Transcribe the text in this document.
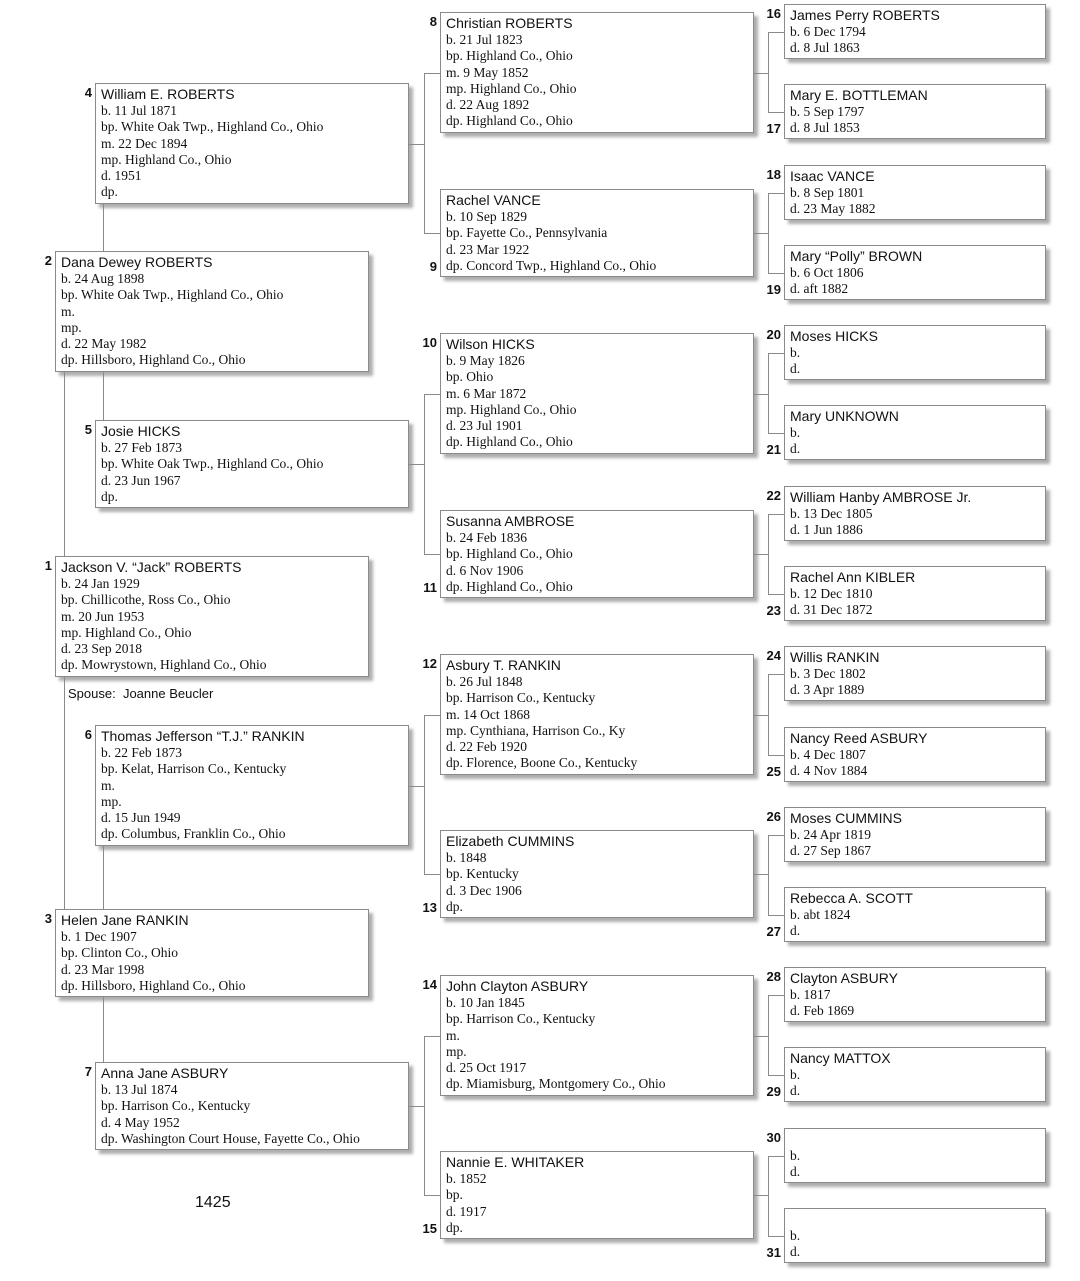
Spouse: Joanne Beucler
1425
Jackson V. “Jack” ROBERTS
b. 24 Jan 1929
bp. Chillicothe, Ross Co., Ohio
m. 20 Jun 1953
mp. Highland Co., Ohio
d. 23 Sep 2018
dp. Mowrystown, Highland Co., Ohio
1
Dana Dewey ROBERTS
b. 24 Aug 1898
bp. White Oak Twp., Highland Co., Ohio
m.
mp.
d. 22 May 1982
dp. Hillsboro, Highland Co., Ohio
2
Helen Jane RANKIN
b. 1 Dec 1907
bp. Clinton Co., Ohio
d. 23 Mar 1998
dp. Hillsboro, Highland Co., Ohio
3
William E. ROBERTS
b. 11 Jul 1871
bp. White Oak Twp., Highland Co., Ohio
m. 22 Dec 1894
mp. Highland Co., Ohio
d. 1951
dp.
4
Josie HICKS
b. 27 Feb 1873
bp. White Oak Twp., Highland Co., Ohio
d. 23 Jun 1967
dp.
5
Thomas Jefferson “T.J.” RANKIN
b. 22 Feb 1873
bp. Kelat, Harrison Co., Kentucky
m.
mp.
d. 15 Jun 1949
dp. Columbus, Franklin Co., Ohio
6
Anna Jane ASBURY
b. 13 Jul 1874
bp. Harrison Co., Kentucky
d. 4 May 1952
dp. Washington Court House, Fayette Co., Ohio
7
Christian ROBERTS
b. 21 Jul 1823
bp. Highland Co., Ohio
m. 9 May 1852
mp. Highland Co., Ohio
d. 22 Aug 1892
dp. Highland Co., Ohio
8
Rachel VANCE
b. 10 Sep 1829
bp. Fayette Co., Pennsylvania
d. 23 Mar 1922
dp. Concord Twp., Highland Co., Ohio
9
Wilson HICKS
b. 9 May 1826
bp. Ohio
m. 6 Mar 1872
mp. Highland Co., Ohio
d. 23 Jul 1901
dp. Highland Co., Ohio
10
Susanna AMBROSE
b. 24 Feb 1836
bp. Highland Co., Ohio
d. 6 Nov 1906
dp. Highland Co., Ohio
11
Asbury T. RANKIN
b. 26 Jul 1848
bp. Harrison Co., Kentucky
m. 14 Oct 1868
mp. Cynthiana, Harrison Co., Ky
d. 22 Feb 1920
dp. Florence, Boone Co., Kentucky
12
Elizabeth CUMMINS
b. 1848
bp. Kentucky
d. 3 Dec 1906
dp.
13
John Clayton ASBURY
b. 10 Jan 1845
bp. Harrison Co., Kentucky
m.
mp.
d. 25 Oct 1917
dp. Miamisburg, Montgomery Co., Ohio
14
Nannie E. WHITAKER
b. 1852
bp.
d. 1917
dp.
15
James Perry ROBERTS
b. 6 Dec 1794
d. 8 Jul 1863
16
Mary E. BOTTLEMAN
b. 5 Sep 1797
d. 8 Jul 1853
17
Isaac VANCE
b. 8 Sep 1801
d. 23 May 1882
18
Mary “Polly” BROWN
b. 6 Oct 1806
d. aft 1882
19
Moses HICKS
b.
d.
20
Mary UNKNOWN
b.
d.
21
William Hanby AMBROSE Jr.
b. 13 Dec 1805
d. 1 Jun 1886
22
Rachel Ann KIBLER
b. 12 Dec 1810
d. 31 Dec 1872
23
Willis RANKIN
b. 3 Dec 1802
d. 3 Apr 1889
24
Nancy Reed ASBURY
b. 4 Dec 1807
d. 4 Nov 1884
25
Moses CUMMINS
b. 24 Apr 1819
d. 27 Sep 1867
26
Rebecca A. SCOTT
b. abt 1824
d.
27
Clayton ASBURY
b. 1817
d. Feb 1869
28
Nancy MATTOX
b.
d.
29

b.
d.
30

b.
d.
31
